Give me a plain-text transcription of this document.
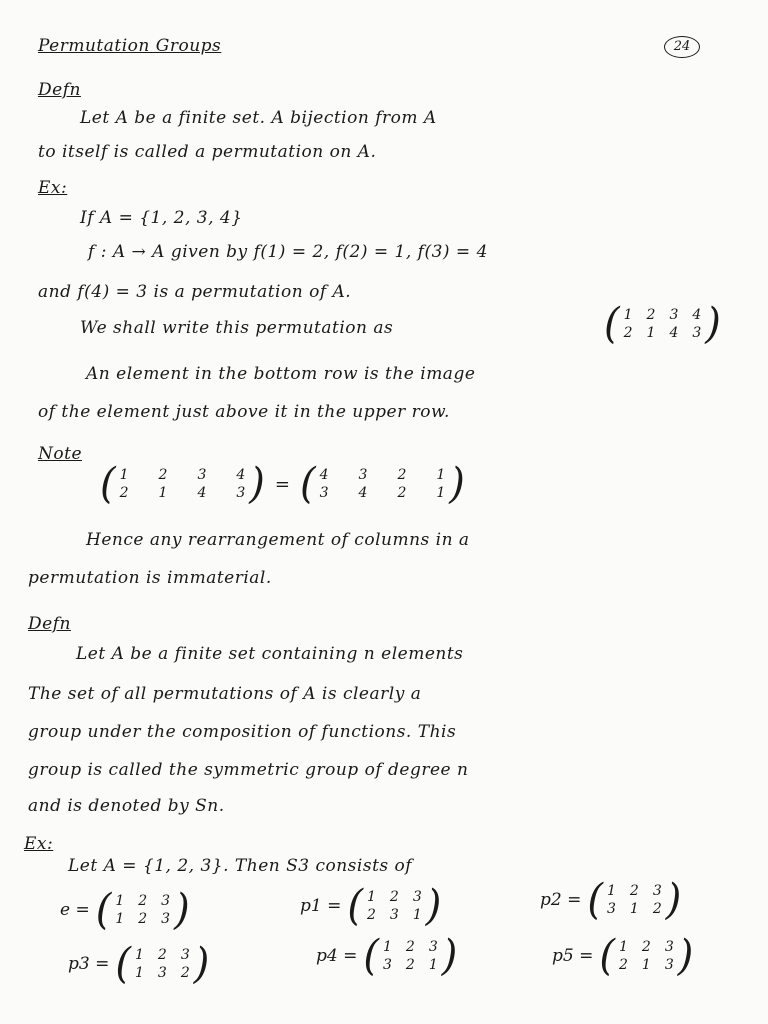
Permutation Groups	24
Defn
Let A be a finite set. A bijection from A
to itself is called a permutation on A.
Ex:
If A = {1, 2, 3, 4}
f : A → A given by f(1) = 2, f(2) = 1, f(3) = 4
and f(4) = 3 is a permutation of A.
We shall write this permutation as	( 1 2 3 4
2 1 4 3 )
An element in the bottom row is the image
of the element just above it in the upper row.
Note
( 1 2 3 4
2 1 4 3 ) = ( 4 3 2 1
3 4 2 1 )
Hence any rearrangement of columns in a
permutation is immaterial.
Defn
Let A be a finite set containing n elements
The set of all permutations of A is clearly a
group under the composition of functions. This
group is called the symmetric group of degree n
and is denoted by Sn.
Ex:
Let A = {1, 2, 3}. Then S3 consists of
e = ( 1 2 3
1 2 3 )	p1 = ( 1 2 3
2 3 1 )	p2 = ( 1 2 3
3 1 2 )
p3 = ( 1 2 3
1 3 2 )	p4 = ( 1 2 3
3 2 1 )	p5 = ( 1 2 3
2 1 3 )
